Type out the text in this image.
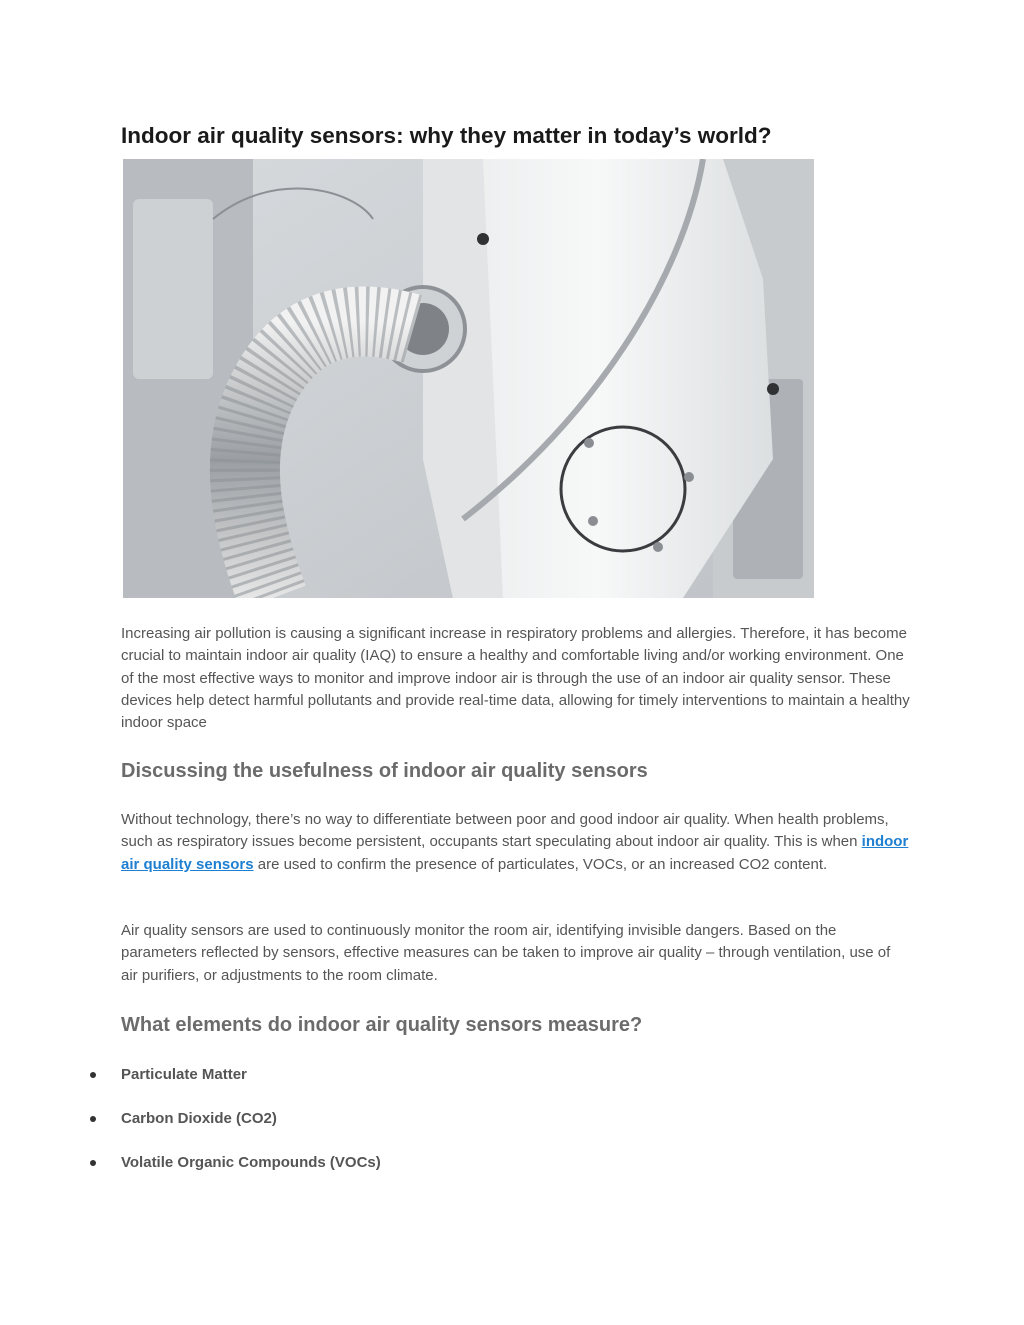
Indoor air quality sensors: why they matter in today’s world?

Increasing air pollution is causing a significant increase in respiratory problems and allergies. Therefore, it has become crucial to maintain indoor air quality (IAQ) to ensure a healthy and comfortable living and/or working environment. One of the most effective ways to monitor and improve indoor air is through the use of an indoor air quality sensor. These devices help detect harmful pollutants and provide real-time data, allowing for timely interventions to maintain a healthy indoor space

Discussing the usefulness of indoor air quality sensors

Without technology, there’s no way to differentiate between poor and good indoor air quality. When health problems, such as respiratory issues become persistent, occupants start speculating about indoor air quality. This is when indoor air quality sensors are used to confirm the presence of particulates, VOCs, or an increased CO2 content.

Air quality sensors are used to continuously monitor the room air, identifying invisible dangers. Based on the parameters reflected by sensors, effective measures can be taken to improve air quality – through ventilation, use of air purifiers, or adjustments to the room climate.

What elements do indoor air quality sensors measure?
Particulate Matter
Carbon Dioxide (CO2)
Volatile Organic Compounds (VOCs)
